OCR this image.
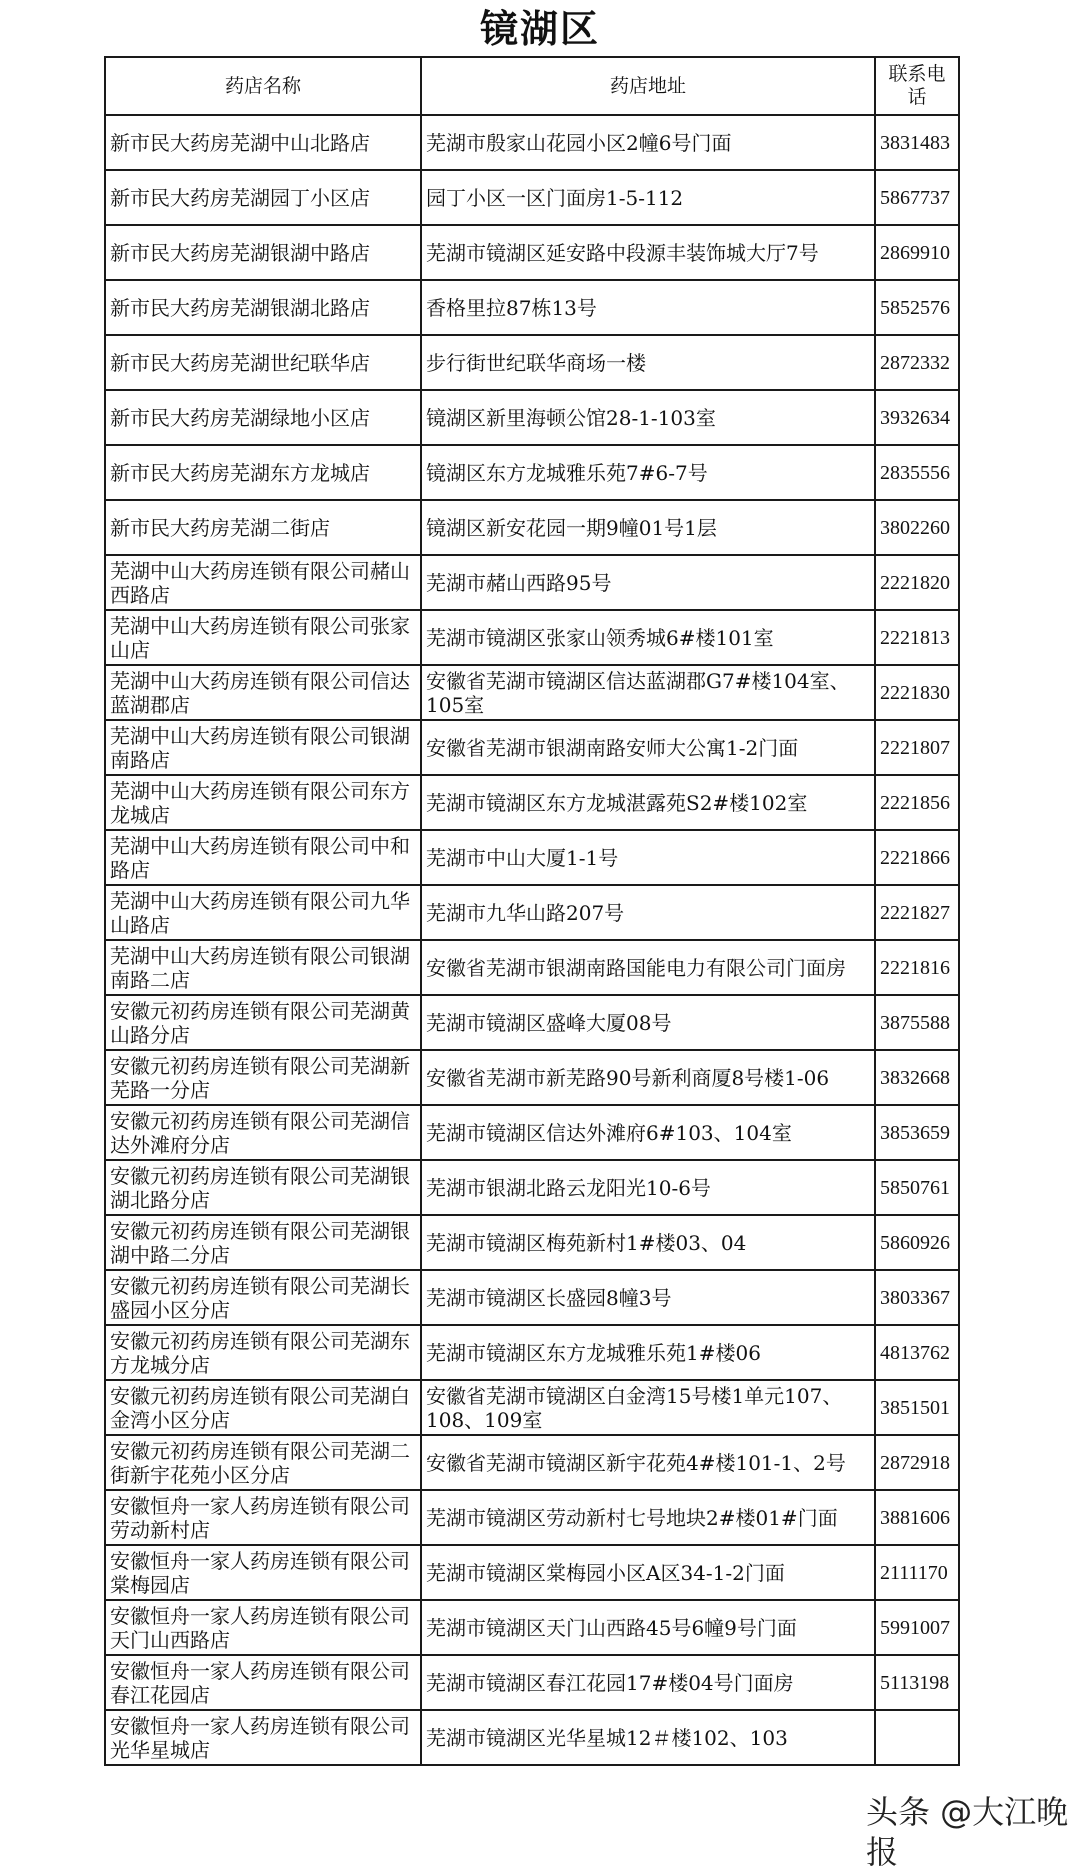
镜湖区
药店名称	药店地址	联系电话
新市民大药房芜湖中山北路店	芜湖市殷家山花园小区2幢6号门面	3831483
新市民大药房芜湖园丁小区店	园丁小区一区门面房1-5-112	5867737
新市民大药房芜湖银湖中路店	芜湖市镜湖区延安路中段源丰装饰城大厅7号	2869910
新市民大药房芜湖银湖北路店	香格里拉87栋13号	5852576
新市民大药房芜湖世纪联华店	步行街世纪联华商场一楼	2872332
新市民大药房芜湖绿地小区店	镜湖区新里海顿公馆28-1-103室	3932634
新市民大药房芜湖东方龙城店	镜湖区东方龙城雅乐苑7#6-7号	2835556
新市民大药房芜湖二街店	镜湖区新安花园一期9幢01号1层	3802260
芜湖中山大药房连锁有限公司赭山西路店	芜湖市赭山西路95号	2221820
芜湖中山大药房连锁有限公司张家山店	芜湖市镜湖区张家山领秀城6#楼101室	2221813
芜湖中山大药房连锁有限公司信达蓝湖郡店	安徽省芜湖市镜湖区信达蓝湖郡G7#楼104室、105室	2221830
芜湖中山大药房连锁有限公司银湖南路店	安徽省芜湖市银湖南路安师大公寓1-2门面	2221807
芜湖中山大药房连锁有限公司东方龙城店	芜湖市镜湖区东方龙城湛露苑S2#楼102室	2221856
芜湖中山大药房连锁有限公司中和路店	芜湖市中山大厦1-1号	2221866
芜湖中山大药房连锁有限公司九华山路店	芜湖市九华山路207号	2221827
芜湖中山大药房连锁有限公司银湖南路二店	安徽省芜湖市银湖南路国能电力有限公司门面房	2221816
安徽元初药房连锁有限公司芜湖黄山路分店	芜湖市镜湖区盛峰大厦08号	3875588
安徽元初药房连锁有限公司芜湖新芜路一分店	安徽省芜湖市新芜路90号新利商厦8号楼1-06	3832668
安徽元初药房连锁有限公司芜湖信达外滩府分店	芜湖市镜湖区信达外滩府6#103、104室	3853659
安徽元初药房连锁有限公司芜湖银湖北路分店	芜湖市银湖北路云龙阳光10-6号	5850761
安徽元初药房连锁有限公司芜湖银湖中路二分店	芜湖市镜湖区梅苑新村1#楼03、04	5860926
安徽元初药房连锁有限公司芜湖长盛园小区分店	芜湖市镜湖区长盛园8幢3号	3803367
安徽元初药房连锁有限公司芜湖东方龙城分店	芜湖市镜湖区东方龙城雅乐苑1#楼06	4813762
安徽元初药房连锁有限公司芜湖白金湾小区分店	安徽省芜湖市镜湖区白金湾15号楼1单元107、108、109室	3851501
安徽元初药房连锁有限公司芜湖二街新宇花苑小区分店	安徽省芜湖市镜湖区新宇花苑4#楼101-1、2号	2872918
安徽恒舟一家人药房连锁有限公司劳动新村店	芜湖市镜湖区劳动新村七号地块2#楼01#门面	3881606
安徽恒舟一家人药房连锁有限公司棠梅园店	芜湖市镜湖区棠梅园小区A区34-1-2门面	2111170
安徽恒舟一家人药房连锁有限公司天门山西路店	芜湖市镜湖区天门山西路45号6幢9号门面	5991007
安徽恒舟一家人药房连锁有限公司春江花园店	芜湖市镜湖区春江花园17#楼04号门面房	5113198
安徽恒舟一家人药房连锁有限公司光华星城店	芜湖市镜湖区光华星城12＃楼102、103	
头条 @大江晚报
